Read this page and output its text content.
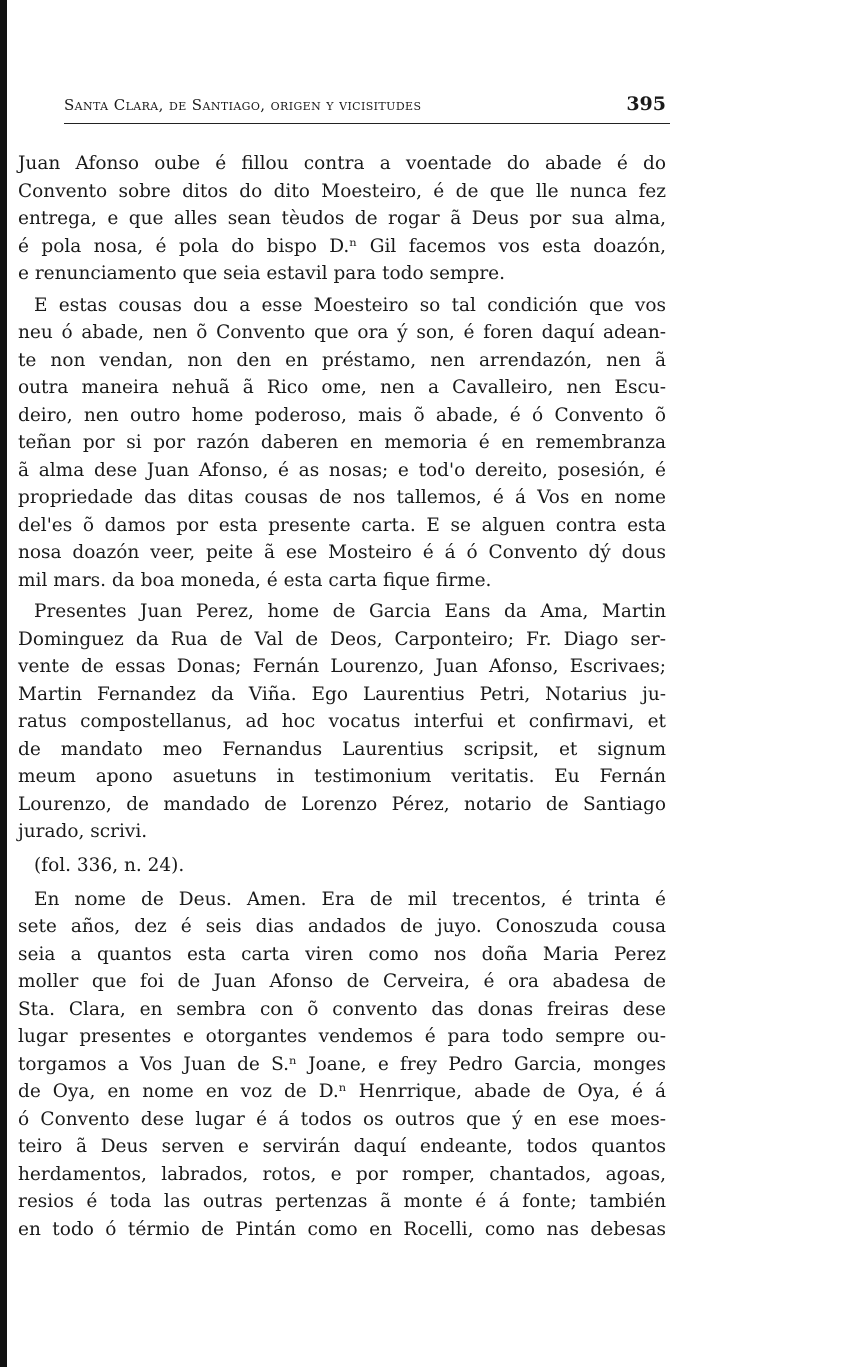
Santa Clara, de Santiago, origen y vicisitudes	395
Juan Afonso oube é fillou contra a voentade do abade é do
Convento sobre ditos do dito Moesteiro, é de que lle nunca fez
entrega, e que alles sean tèudos de rogar ã Deus por sua alma,
é pola nosa, é pola do bispo D.ⁿ Gil facemos vos esta doazón,
e renunciamento que seia estavil para todo sempre.
E estas cousas dou a esse Moesteiro so tal condición que vos
neu ó abade, nen õ Convento que ora ý son, é foren daquí adean-
te non vendan, non den en préstamo, nen arrendazón, nen ã
outra maneira nehuã ã Rico ome, nen a Cavalleiro, nen Escu-
deiro, nen outro home poderoso, mais õ abade, é ó Convento õ
teñan por si por razón daberen en memoria é en remembranza
ã alma dese Juan Afonso, é as nosas; e tod'o dereito, posesión, é
propriedade das ditas cousas de nos tallemos, é á Vos en nome
del'es õ damos por esta presente carta. E se alguen contra esta
nosa doazón veer, peite ã ese Mosteiro é á ó Convento dý dous
mil mars. da boa moneda, é esta carta fique firme.
Presentes Juan Perez, home de Garcia Eans da Ama, Martin
Dominguez da Rua de Val de Deos, Carponteiro; Fr. Diago ser-
vente de essas Donas; Fernán Lourenzo, Juan Afonso, Escrivaes;
Martin Fernandez da Viña. Ego Laurentius Petri, Notarius ju-
ratus compostellanus, ad hoc vocatus interfui et confirmavi, et
de mandato meo Fernandus Laurentius scripsit, et signum
meum apono asuetuns in testimonium veritatis. Eu Fernán
Lourenzo, de mandado de Lorenzo Pérez, notario de Santiago
jurado, scrivi.
(fol. 336, n. 24).
En nome de Deus. Amen. Era de mil trecentos, é trinta é
sete años, dez é seis dias andados de juyo. Conoszuda cousa
seia a quantos esta carta viren como nos doña Maria Perez
moller que foi de Juan Afonso de Cerveira, é ora abadesa de
Sta. Clara, en sembra con õ convento das donas freiras dese
lugar presentes e otorgantes vendemos é para todo sempre ou-
torgamos a Vos Juan de S.ⁿ Joane, e frey Pedro Garcia, monges
de Oya, en nome en voz de D.ⁿ Henrrique, abade de Oya, é á
ó Convento dese lugar é á todos os outros que ý en ese moes-
teiro ã Deus serven e servirán daquí endeante, todos quantos
herdamentos, labrados, rotos, e por romper, chantados, agoas,
resios é toda las outras pertenzas ã monte é á fonte; también
en todo ó térmio de Pintán como en Rocelli, como nas debesas
